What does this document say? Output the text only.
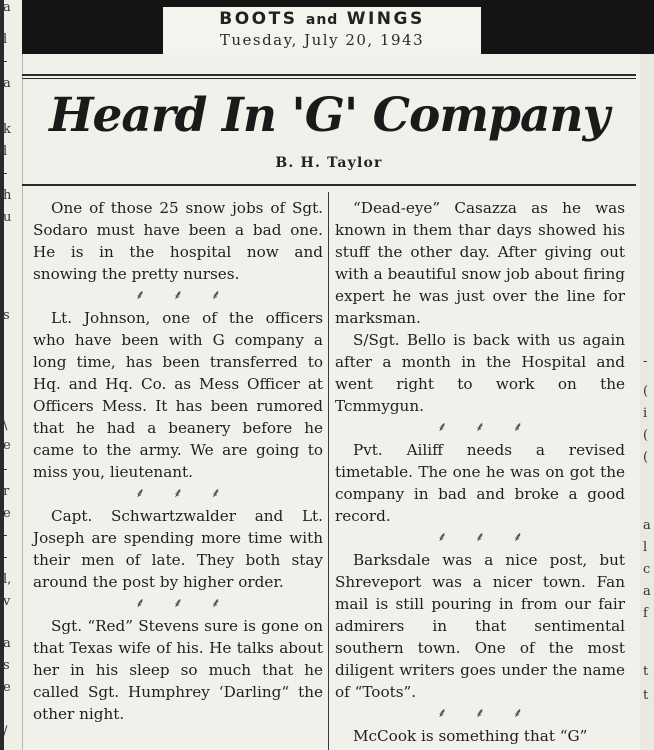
a
l
-
a
k
l
-
h
u
s
\
e
-
r
e
-
-
l,
v
a
s
e
/
-
(
i
(
(
a
l
c
a
f
t
t
BOOTS and WINGS
Tuesday, July 20, 1943
Heard In 'G' Company
B. H. Taylor

One of those 25 snow jobs of Sgt. Sodaro must have been a bad one. He is in the hospital now and snowing the pretty nurses.

⸙ ⸙ ⸙

Lt. Johnson, one of the officers who have been with G company a long time, has been transferred to Hq. and Hq. Co. as Mess Officer at Officers Mess. It has been rumored that he had a beanery before he came to the army. We are going to miss you, lieutenant.

⸙ ⸙ ⸙

Capt. Schwartzwalder and Lt. Joseph are spending more time with their men of late. They both stay around the post by higher order.

⸙ ⸙ ⸙

Sgt. “Red” Stevens sure is gone on that Texas wife of his. He talks about her in his sleep so much that he called Sgt. Humphrey ‘Darling“ the other night.

“Dead-eye” Casazza as he was known in them thar days showed his stuff the other day. After giving out with a beautiful snow job about firing expert he was just over the line for marksman.

S/Sgt. Bello is back with us again after a month in the Hospital and went right to work on the Tcmmygun.

⸙ ⸙ ⸙

Pvt. Ailiff needs a revised timetable. The one he was on got the company in bad and broke a good record.

⸙ ⸙ ⸙

Barksdale was a nice post, but Shreveport was a nicer town. Fan mail is still pouring in from our fair admirers in that sentimental southern town. One of the most diligent writers goes under the name of “Toots”.

⸙ ⸙ ⸙

McCook is something that “G”
